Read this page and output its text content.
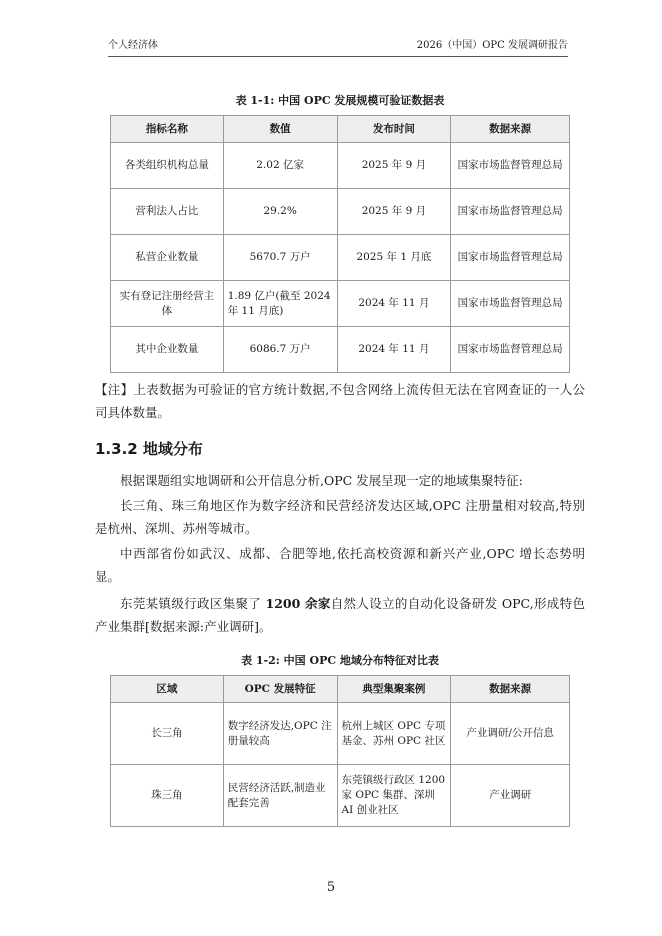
个人经济体	2026（中国）OPC 发展调研报告
表 1-1: 中国 OPC 发展规模可验证数据表
指标名称	数值	发布时间	数据来源
各类组织机构总量	2.02 亿家	2025 年 9 月	国家市场监督管理总局
营利法人占比	29.2%	2025 年 9 月	国家市场监督管理总局
私营企业数量	5670.7 万户	2025 年 1 月底	国家市场监督管理总局
实有登记注册经营主体	1.89 亿户(截至 2024 年 11 月底)	2024 年 11 月	国家市场监督管理总局
其中企业数量	6086.7 万户	2024 年 11 月	国家市场监督管理总局

【注】上表数据为可验证的官方统计数据,不包含网络上流传但无法在官网查证的一人公司具体数量。

1.3.2 地域分布

根据课题组实地调研和公开信息分析,OPC 发展呈现一定的地域集聚特征:

长三角、珠三角地区作为数字经济和民营经济发达区域,OPC 注册量相对较高,特别是杭州、深圳、苏州等城市。

中西部省份如武汉、成都、合肥等地,依托高校资源和新兴产业,OPC 增长态势明显。

东莞某镇级行政区集聚了 1200 余家自然人设立的自动化设备研发 OPC,形成特色产业集群[数据来源:产业调研]。

表 1-2: 中国 OPC 地域分布特征对比表
区域	OPC 发展特征	典型集聚案例	数据来源
长三角	数字经济发达,OPC 注册量较高	杭州上城区 OPC 专项基金、苏州 OPC 社区	产业调研/公开信息
珠三角	民营经济活跃,制造业配套完善	东莞镇级行政区 1200 家 OPC 集群、深圳 AI 创业社区	产业调研
5
